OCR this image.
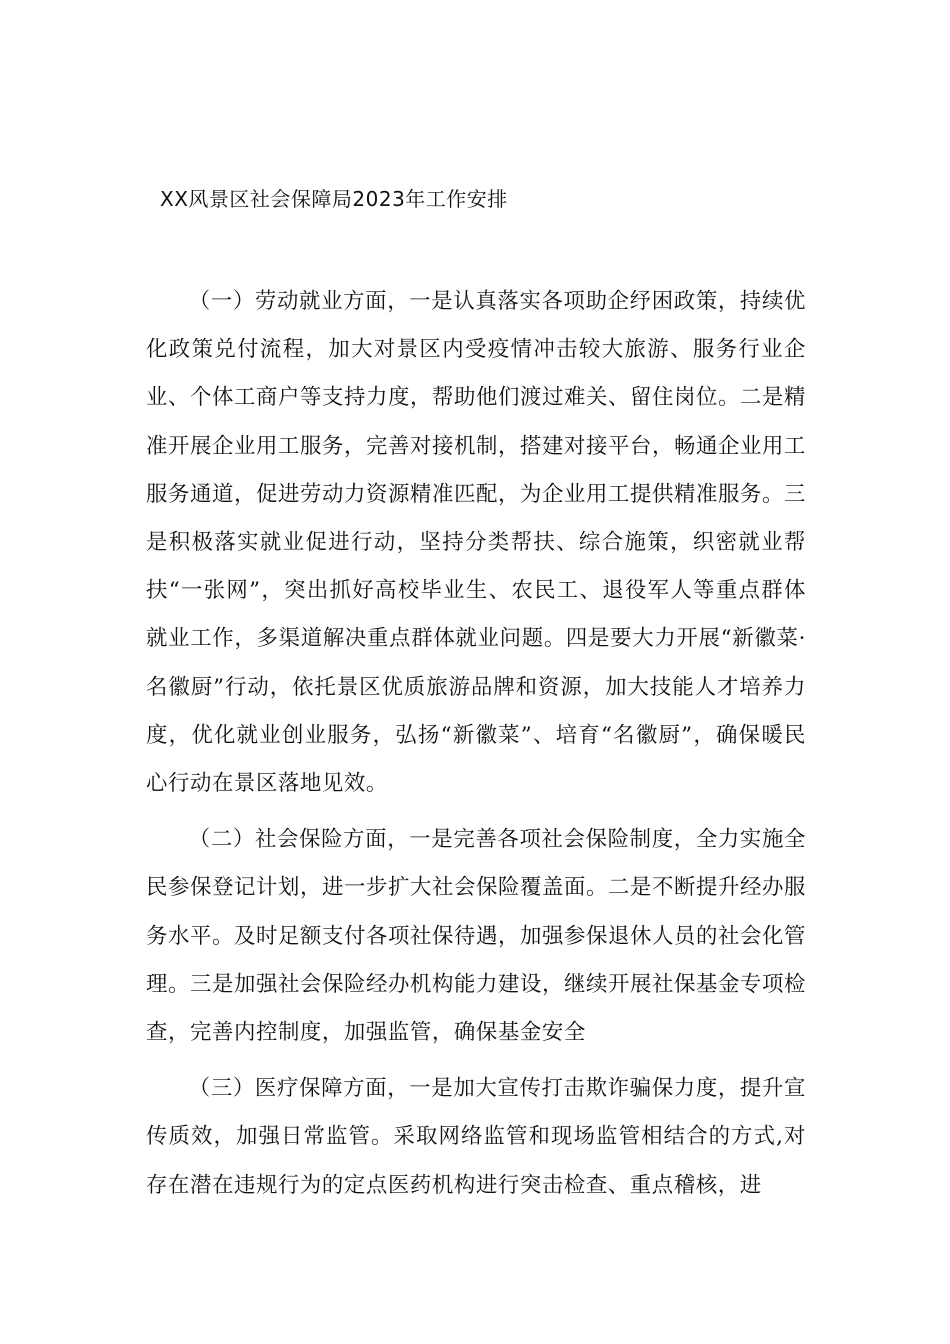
XX风景区社会保障局2023年工作安排

（一）劳动就业方面，一是认真落实各项助企纾困政策，持续优化政策兑付流程，加大对景区内受疫情冲击较大旅游、服务行业企业、个体工商户等支持力度，帮助他们渡过难关、留住岗位。二是精准开展企业用工服务，完善对接机制，搭建对接平台，畅通企业用工服务通道，促进劳动力资源精准匹配，为企业用工提供精准服务。三是积极落实就业促进行动，坚持分类帮扶、综合施策，织密就业帮扶“一张网”，突出抓好高校毕业生、农民工、退役军人等重点群体就业工作，多渠道解决重点群体就业问题。四是要大力开展“新徽菜·名徽厨”行动，依托景区优质旅游品牌和资源，加大技能人才培养力度，优化就业创业服务，弘扬“新徽菜”、培育“名徽厨”，确保暖民心行动在景区落地见效。

（二）社会保险方面，一是完善各项社会保险制度，全力实施全民参保登记计划，进一步扩大社会保险覆盖面。二是不断提升经办服务水平。及时足额支付各项社保待遇，加强参保退休人员的社会化管理。三是加强社会保险经办机构能力建设，继续开展社保基金专项检查，完善内控制度，加强监管，确保基金安全

（三）医疗保障方面，一是加大宣传打击欺诈骗保力度，提升宣传质效，加强日常监管。采取网络监管和现场监管相结合的方式,对存在潜在违规行为的定点医药机构进行突击检查、重点稽核，进
